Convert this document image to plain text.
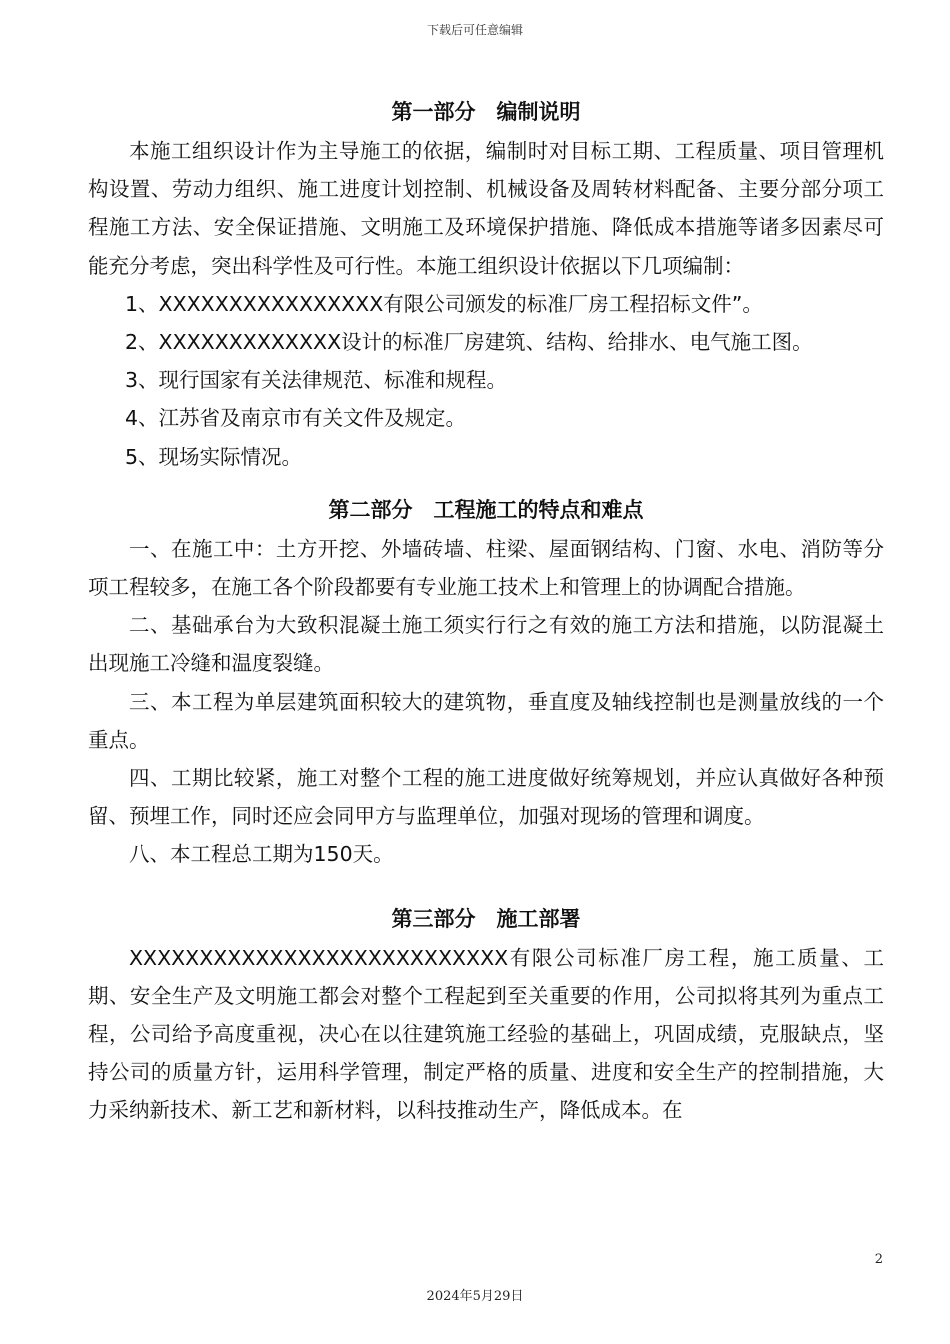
下载后可任意编辑
第一部分　编制说明

本施工组织设计作为主导施工的依据，编制时对目标工期、工程质量、项目管理机构设置、劳动力组织、施工进度计划控制、机械设备及周转材料配备、主要分部分项工程施工方法、安全保证措施、文明施工及环境保护措施、降低成本措施等诸多因素尽可能充分考虑，突出科学性及可行性。本施工组织设计依据以下几项编制：

1、XXXXXXXXXXXXXXXX有限公司颁发的标准厂房工程招标文件”。

2、XXXXXXXXXXXXX设计的标准厂房建筑、结构、给排水、电气施工图。

3、现行国家有关法律规范、标准和规程。

4、江苏省及南京市有关文件及规定。

5、现场实际情况。

第二部分　工程施工的特点和难点

一、在施工中：土方开挖、外墙砖墙、柱梁、屋面钢结构、门窗、水电、消防等分项工程较多，在施工各个阶段都要有专业施工技术上和管理上的协调配合措施。

二、基础承台为大致积混凝土施工须实行行之有效的施工方法和措施，以防混凝土出现施工冷缝和温度裂缝。

三、本工程为单层建筑面积较大的建筑物，垂直度及轴线控制也是测量放线的一个重点。

四、工期比较紧，施工对整个工程的施工进度做好统筹规划，并应认真做好各种预留、预埋工作，同时还应会同甲方与监理单位，加强对现场的管理和调度。

八、本工程总工期为150天。

第三部分　施工部署

XXXXXXXXXXXXXXXXXXXXXXXXXXX有限公司标准厂房工程，施工质量、工期、安全生产及文明施工都会对整个工程起到至关重要的作用，公司拟将其列为重点工程，公司给予高度重视，决心在以往建筑施工经验的基础上，巩固成绩，克服缺点，坚持公司的质量方针，运用科学管理，制定严格的质量、进度和安全生产的控制措施，大力采纳新技术、新工艺和新材料，以科技推动生产，降低成本。在

2
2024年5月29日
